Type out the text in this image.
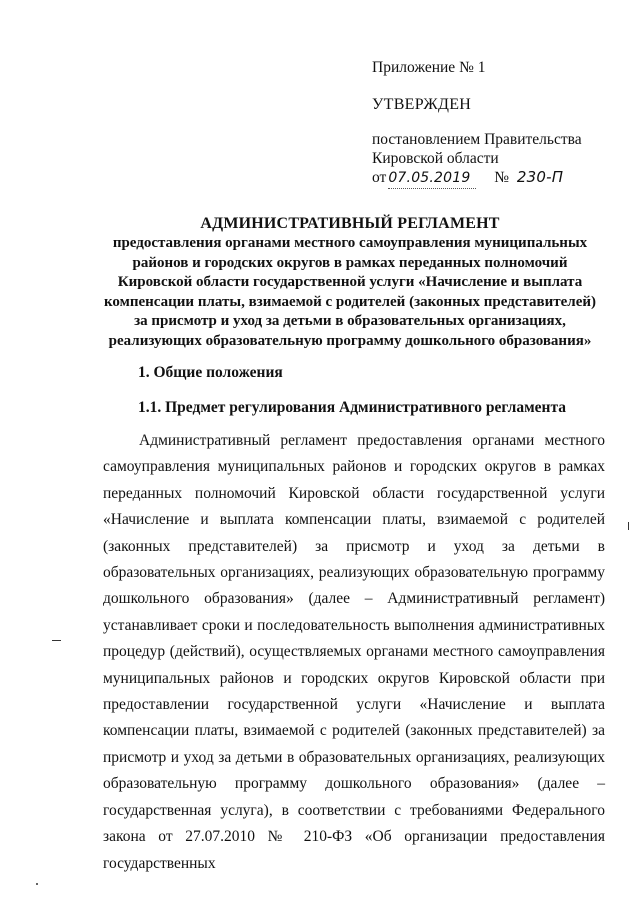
Приложение № 1
УТВЕРЖДЕН
постановлением Правительства
Кировской области
от 07.05.2019 № 230-П
АДМИНИСТРАТИВНЫЙ РЕГЛАМЕНТ
предоставления органами местного самоуправления муниципальных
районов и городских округов в рамках переданных полномочий
Кировской области государственной услуги «Начисление и выплата
компенсации платы, взимаемой с родителей (законных представителей)
за присмотр и уход за детьми в образовательных организациях,
реализующих образовательную программу дошкольного образования»
1. Общие положения
1.1. Предмет регулирования Административного регламента
Административный регламент предоставления органами местного самоуправления муниципальных районов и городских округов в рамках переданных полномочий Кировской области государственной услуги «Начисление и выплата компенсации платы, взимаемой с родителей (законных представителей) за присмотр и уход за детьми в образовательных организациях, реализующих образовательную программу дошкольного образования» (далее – Административный регламент) устанавливает сроки и последовательность выполнения административных процедур (действий), осуществляемых органами местного самоуправления муниципальных районов и городских округов Кировской области при предоставлении государственной услуги «Начисление и выплата компенсации платы, взимаемой с родителей (законных представителей) за присмотр и уход за детьми в образовательных организациях, реализующих образовательную программу дошкольного образования» (далее – государственная услуга), в соответствии с требованиями Федерального закона от 27.07.2010 № 210-ФЗ «Об организации предоставления государственных
